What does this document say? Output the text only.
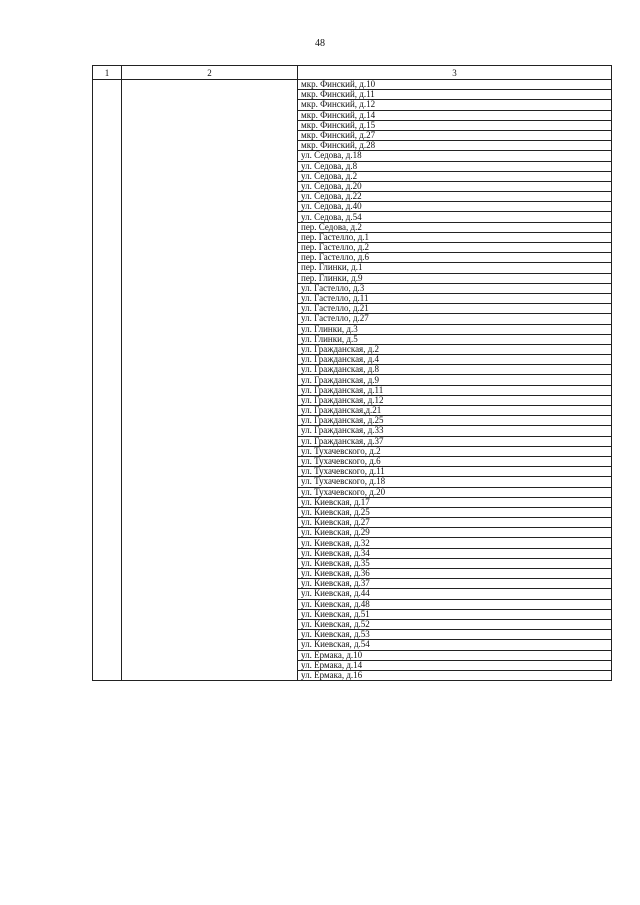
48
1	2	3
		мкр. Финский, д.10
		мкр. Финский, д.11
		мкр. Финский, д.12
		мкр. Финский, д.14
		мкр. Финский, д.15
		мкр. Финский, д.27
		мкр. Финский, д.28
		ул. Седова, д.18
		ул. Седова, д.8
		ул. Седова, д.2
		ул. Седова, д.20
		ул. Седова, д.22
		ул. Седова, д.40
		ул. Седова, д.54
		пер. Седова, д.2
		пер. Гастелло, д.1
		пер. Гастелло, д.2
		пер. Гастелло, д.6
		пер. Глинки, д.1
		пер. Глинки, д.9
		ул. Гастелло, д.3
		ул. Гастелло, д.11
		ул. Гастелло, д.21
		ул. Гастелло, д.27
		ул. Глинки, д.3
		ул. Глинки, д.5
		ул. Гражданская, д.2
		ул. Гражданская, д.4
		ул. Гражданская, д.8
		ул. Гражданская, д.9
		ул. Гражданская, д.11
		ул. Гражданская, д.12
		ул. Гражданская,д.21
		ул. Гражданская, д.25
		ул. Гражданская, д.33
		ул. Гражданская, д.37
		ул. Тухачевского, д.2
		ул. Тухачевского, д.6
		ул. Тухачевского, д.11
		ул. Тухачевского, д.18
		ул. Тухачевского, д.20
		ул. Киевская, д.17
		ул. Киевская, д.25
		ул. Киевская, д.27
		ул. Киевская, д.29
		ул. Киевская, д.32
		ул. Киевская, д.34
		ул. Киевская, д.35
		ул. Киевская, д.36
		ул. Киевская, д.37
		ул. Киевская, д.44
		ул. Киевская, д.48
		ул. Киевская, д.51
		ул. Киевская, д.52
		ул. Киевская, д.53
		ул. Киевская, д.54
		ул. Ермака, д.10
		ул. Ермака, д.14
		ул. Ермака, д.16
